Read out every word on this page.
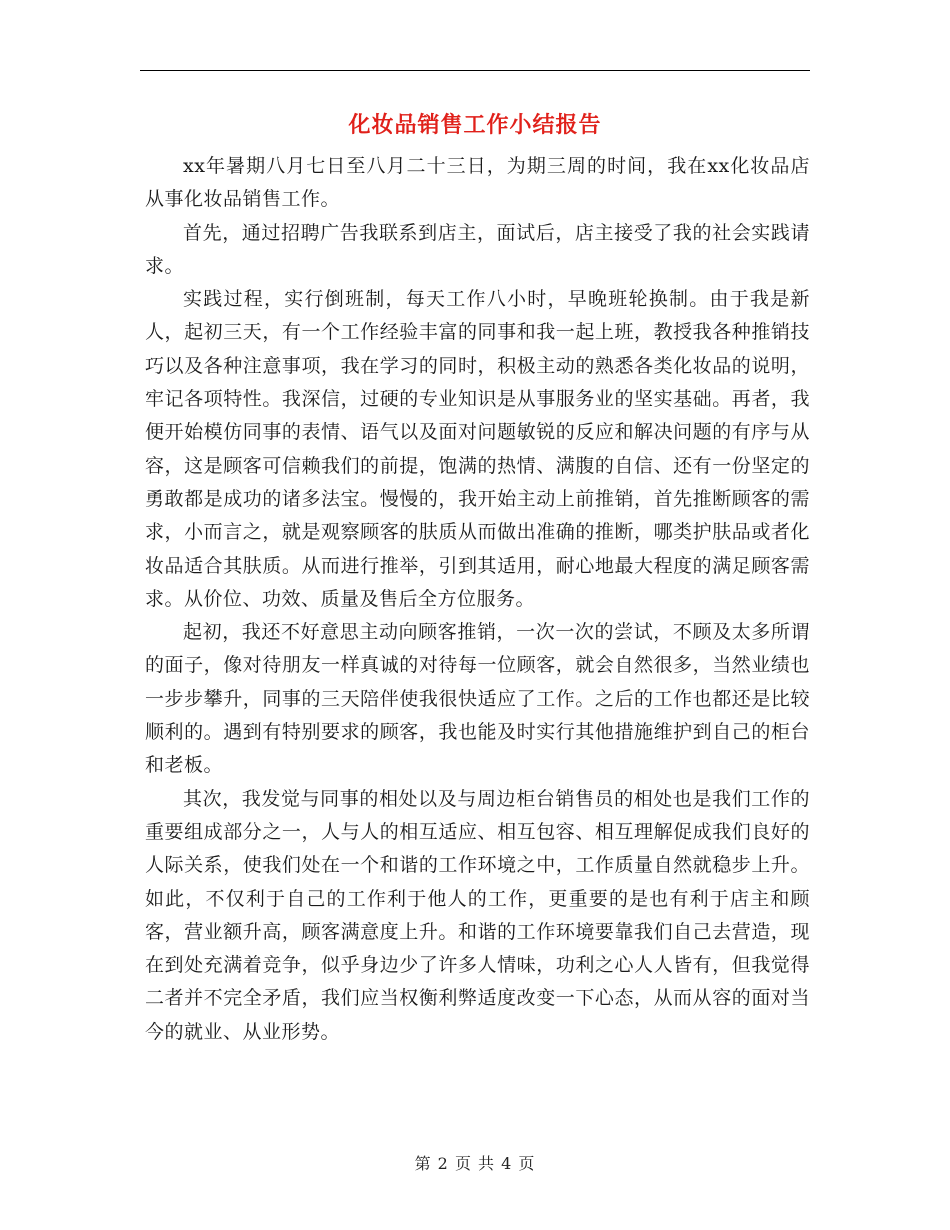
化妆品销售工作小结报告

xx年暑期八月七日至八月二十三日，为期三周的时间，我在xx化妆品店从事化妆品销售工作。

首先，通过招聘广告我联系到店主，面试后，店主接受了我的社会实践请求。

实践过程，实行倒班制，每天工作八小时，早晚班轮换制。由于我是新人，起初三天，有一个工作经验丰富的同事和我一起上班，教授我各种推销技巧以及各种注意事项，我在学习的同时，积极主动的熟悉各类化妆品的说明，牢记各项特性。我深信，过硬的专业知识是从事服务业的坚实基础。再者，我便开始模仿同事的表情、语气以及面对问题敏锐的反应和解决问题的有序与从容，这是顾客可信赖我们的前提，饱满的热情、满腹的自信、还有一份坚定的勇敢都是成功的诸多法宝。慢慢的，我开始主动上前推销，首先推断顾客的需求，小而言之，就是观察顾客的肤质从而做出准确的推断，哪类护肤品或者化妆品适合其肤质。从而进行推举，引到其适用，耐心地最大程度的满足顾客需求。从价位、功效、质量及售后全方位服务。

起初，我还不好意思主动向顾客推销，一次一次的尝试，不顾及太多所谓的面子，像对待朋友一样真诚的对待每一位顾客，就会自然很多，当然业绩也一步步攀升，同事的三天陪伴使我很快适应了工作。之后的工作也都还是比较顺利的。遇到有特别要求的顾客，我也能及时实行其他措施维护到自己的柜台和老板。

其次，我发觉与同事的相处以及与周边柜台销售员的相处也是我们工作的重要组成部分之一，人与人的相互适应、相互包容、相互理解促成我们良好的人际关系，使我们处在一个和谐的工作环境之中，工作质量自然就稳步上升。如此，不仅利于自己的工作利于他人的工作，更重要的是也有利于店主和顾客，营业额升高，顾客满意度上升。和谐的工作环境要靠我们自己去营造，现在到处充满着竞争，似乎身边少了许多人情味，功利之心人人皆有，但我觉得二者并不完全矛盾，我们应当权衡利弊适度改变一下心态，从而从容的面对当今的就业、从业形势。

第 2 页 共 4 页
